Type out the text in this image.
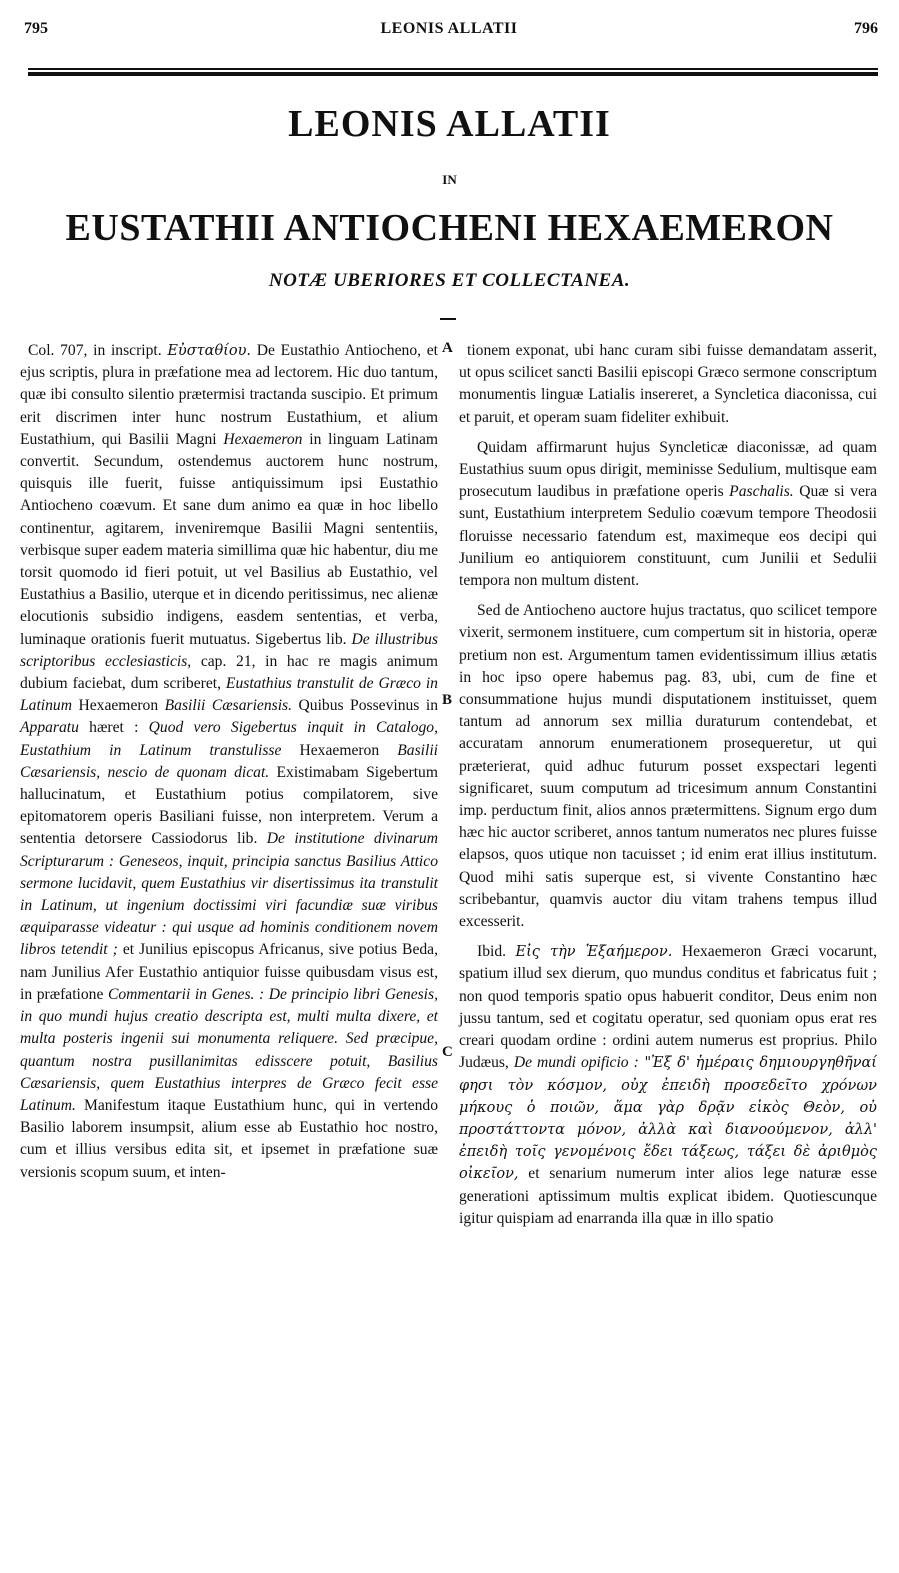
795	LEONIS ALLATII	796
LEONIS ALLATII
IN
EUSTATHII ANTIOCHENI HEXAEMERON
NOTÆ UBERIORES ET COLLECTANEA.
A
B
C

Col. 707, in inscript. Εὐσταθίου. De Eustathio Antiocheno, et ejus scriptis, plura in præfatione mea ad lectorem. Hic duo tantum, quæ ibi consulto silentio prætermisi tractanda suscipio. Et primum erit discrimen inter hunc nostrum Eustathium, et alium Eustathium, qui Basilii Magni Hexaemeron in linguam Latinam convertit. Secundum, ostendemus auctorem hunc nostrum, quisquis ille fuerit, fuisse antiquissimum ipsi Eustathio Antiocheno coævum. Et sane dum animo ea quæ in hoc libello continentur, agitarem, inveniremque Basilii Magni sententiis, verbisque super eadem materia simillima quæ hic habentur, diu me torsit quomodo id fieri potuit, ut vel Basilius ab Eustathio, vel Eustathius a Basilio, uterque et in dicendo peritissimus, nec alienæ elocutionis subsidio indigens, easdem sententias, et verba, luminaque orationis fuerit mutuatus. Sigebertus lib. De illustribus scriptoribus ecclesiasticis, cap. 21, in hac re magis animum dubium faciebat, dum scriberet, Eustathius transtulit de Græco in Latinum Hexaemeron Basilii Cæsariensis. Quibus Possevinus in Apparatu hæret : Quod vero Sigebertus inquit in Catalogo, Eustathium in Latinum transtulisse Hexaemeron Basilii Cæsariensis, nescio de quonam dicat. Existimabam Sigebertum hallucinatum, et Eustathium potius compilatorem, sive epitomatorem operis Basiliani fuisse, non interpretem. Verum a sententia detorsere Cassiodorus lib. De institutione divinarum Scripturarum : Geneseos, inquit, principia sanctus Basilius Attico sermone lucidavit, quem Eustathius vir disertissimus ita transtulit in Latinum, ut ingenium doctissimi viri facundiæ suæ viribus æquiparasse videatur : qui usque ad hominis conditionem novem libros tetendit ; et Junilius episcopus Africanus, sive potius Beda, nam Junilius Afer Eustathio antiquior fuisse quibusdam visus est, in præfatione Commentarii in Genes. : De principio libri Genesis, in quo mundi hujus creatio descripta est, multi multa dixere, et multa posteris ingenii sui monumenta reliquere. Sed præcipue, quantum nostra pusillanimitas edisscere potuit, Basilius Cæsariensis, quem Eustathius interpres de Græco fecit esse Latinum. Manifestum itaque Eustathium hunc, qui in vertendo Basilio laborem insumpsit, alium esse ab Eustathio hoc nostro, cum et illius versibus edita sit, et ipsemet in præfatione suæ versionis scopum suum, et inten-

tionem exponat, ubi hanc curam sibi fuisse demandatam asserit, ut opus scilicet sancti Basilii episcopi Græco sermone conscriptum monumentis linguæ Latialis insereret, a Syncletica diaconissa, cui et paruit, et operam suam fideliter exhibuit.

Quidam affirmarunt hujus Syncleticæ diaconissæ, ad quam Eustathius suum opus dirigit, meminisse Sedulium, multisque eam prosecutum laudibus in præfatione operis Paschalis. Quæ si vera sunt, Eustathium interpretem Sedulio coævum tempore Theodosii floruisse necessario fatendum est, maximeque eos decipi qui Junilium eo antiquiorem constituunt, cum Junilii et Sedulii tempora non multum distent.

Sed de Antiocheno auctore hujus tractatus, quo scilicet tempore vixerit, sermonem instituere, cum compertum sit in historia, operæ pretium non est. Argumentum tamen evidentissimum illius ætatis in hoc ipso opere habemus pag. 83, ubi, cum de fine et consummatione hujus mundi disputationem instituisset, quem tantum ad annorum sex millia duraturum contendebat, et accuratam annorum enumerationem prosequeretur, ut qui præterierat, quid adhuc futurum posset exspectari legenti significaret, suum computum ad tricesimum annum Constantini imp. perductum finit, alios annos prætermittens. Signum ergo dum hæc hic auctor scriberet, annos tantum numeratos nec plures fuisse elapsos, quos utique non tacuisset ; id enim erat illius institutum. Quod mihi satis superque est, si vivente Constantino hæc scribebantur, quamvis auctor diu vitam trahens tempus illud excesserit.

Ibid. Εἰς τὴν Ἑξαήμερον. Hexaemeron Græci vocarunt, spatium illud sex dierum, quo mundus conditus et fabricatus fuit ; non quod temporis spatio opus habuerit conditor, Deus enim non jussu tantum, sed et cogitatu operatur, sed quoniam opus erat res creari quodam ordine : ordini autem numerus est proprius. Philo Judæus, De mundi opificio : "Ἐξ δ' ἡμέραις δημιουργηθῆναί φησι τὸν κόσμον, οὐχ ἐπειδὴ προσεδεῖτο χρόνων μήκους ὁ ποιῶν, ἅμα γὰρ δρᾷν εἰκὸς Θεὸν, οὐ προστάττοντα μόνον, ἀλλὰ καὶ διανοούμενον, ἀλλ' ἐπειδὴ τοῖς γενομένοις ἔδει τάξεως, τάξει δὲ ἀριθμὸς οἰκεῖον, et senarium numerum inter alios lege naturæ esse generationi aptissimum multis explicat ibidem. Quotiescunque igitur quispiam ad enarranda illa quæ in illo spatio
